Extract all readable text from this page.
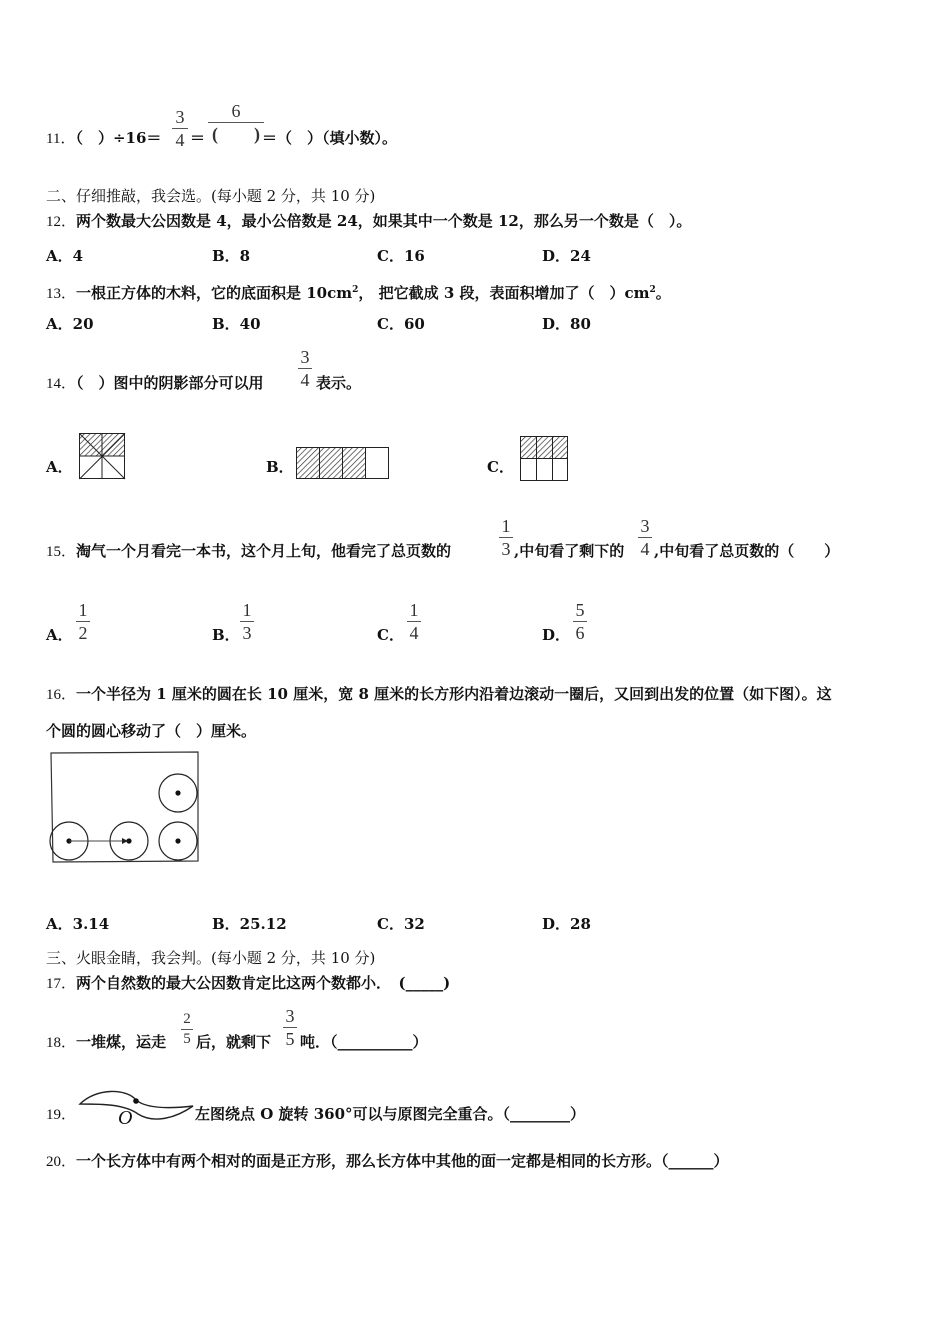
11．（　）÷16＝
3
4 ＝
6
(　　) ＝（　）（填小数）。
二、仔细推敲，我会选。(每小题 2 分，共 10 分)
12．两个数最大公因数是 4，最小公倍数是 24，如果其中一个数是 12，那么另一个数是（　）。
A．4	B．8	C．16	D．24
13．一根正方体的木料，它的底面积是 $10cm^2$， 把它截成 3 段，表面积增加了（　）$cm^2$。
A．20	B．40	C．60	D．80
14．（　）图中的阴影部分可以用
3
4 表示。
A．	B．	C．
15．淘气一个月看完一本书，这个月上旬，他看完了总页数的
1
3 ,中旬看了剩下的
3
4 ,中旬看了总页数的（　　）
A．
1
2	B．
1
3	C．
1
4	D．
5
6
16．一个半径为 1 厘米的圆在长 10 厘米，宽 8 厘米的长方形内沿着边滚动一圈后，又回到出发的位置（如下图）。这
个圆的圆心移动了（　）厘米。
A．3.14	B．25.12	C．32	D．28
三、火眼金睛，我会判。(每小题 2 分，共 10 分)
17．两个自然数的最大公因数肯定比这两个数都小．　(_____)
18．一堆煤，运走
2
5 后，就剩下
3
5 吨．（__________）
19． O	左图绕点 O 旋转 360°可以与原图完全重合。（________）
20．一个长方体中有两个相对的面是正方形，那么长方体中其他的面一定都是相同的长方形。（______）
